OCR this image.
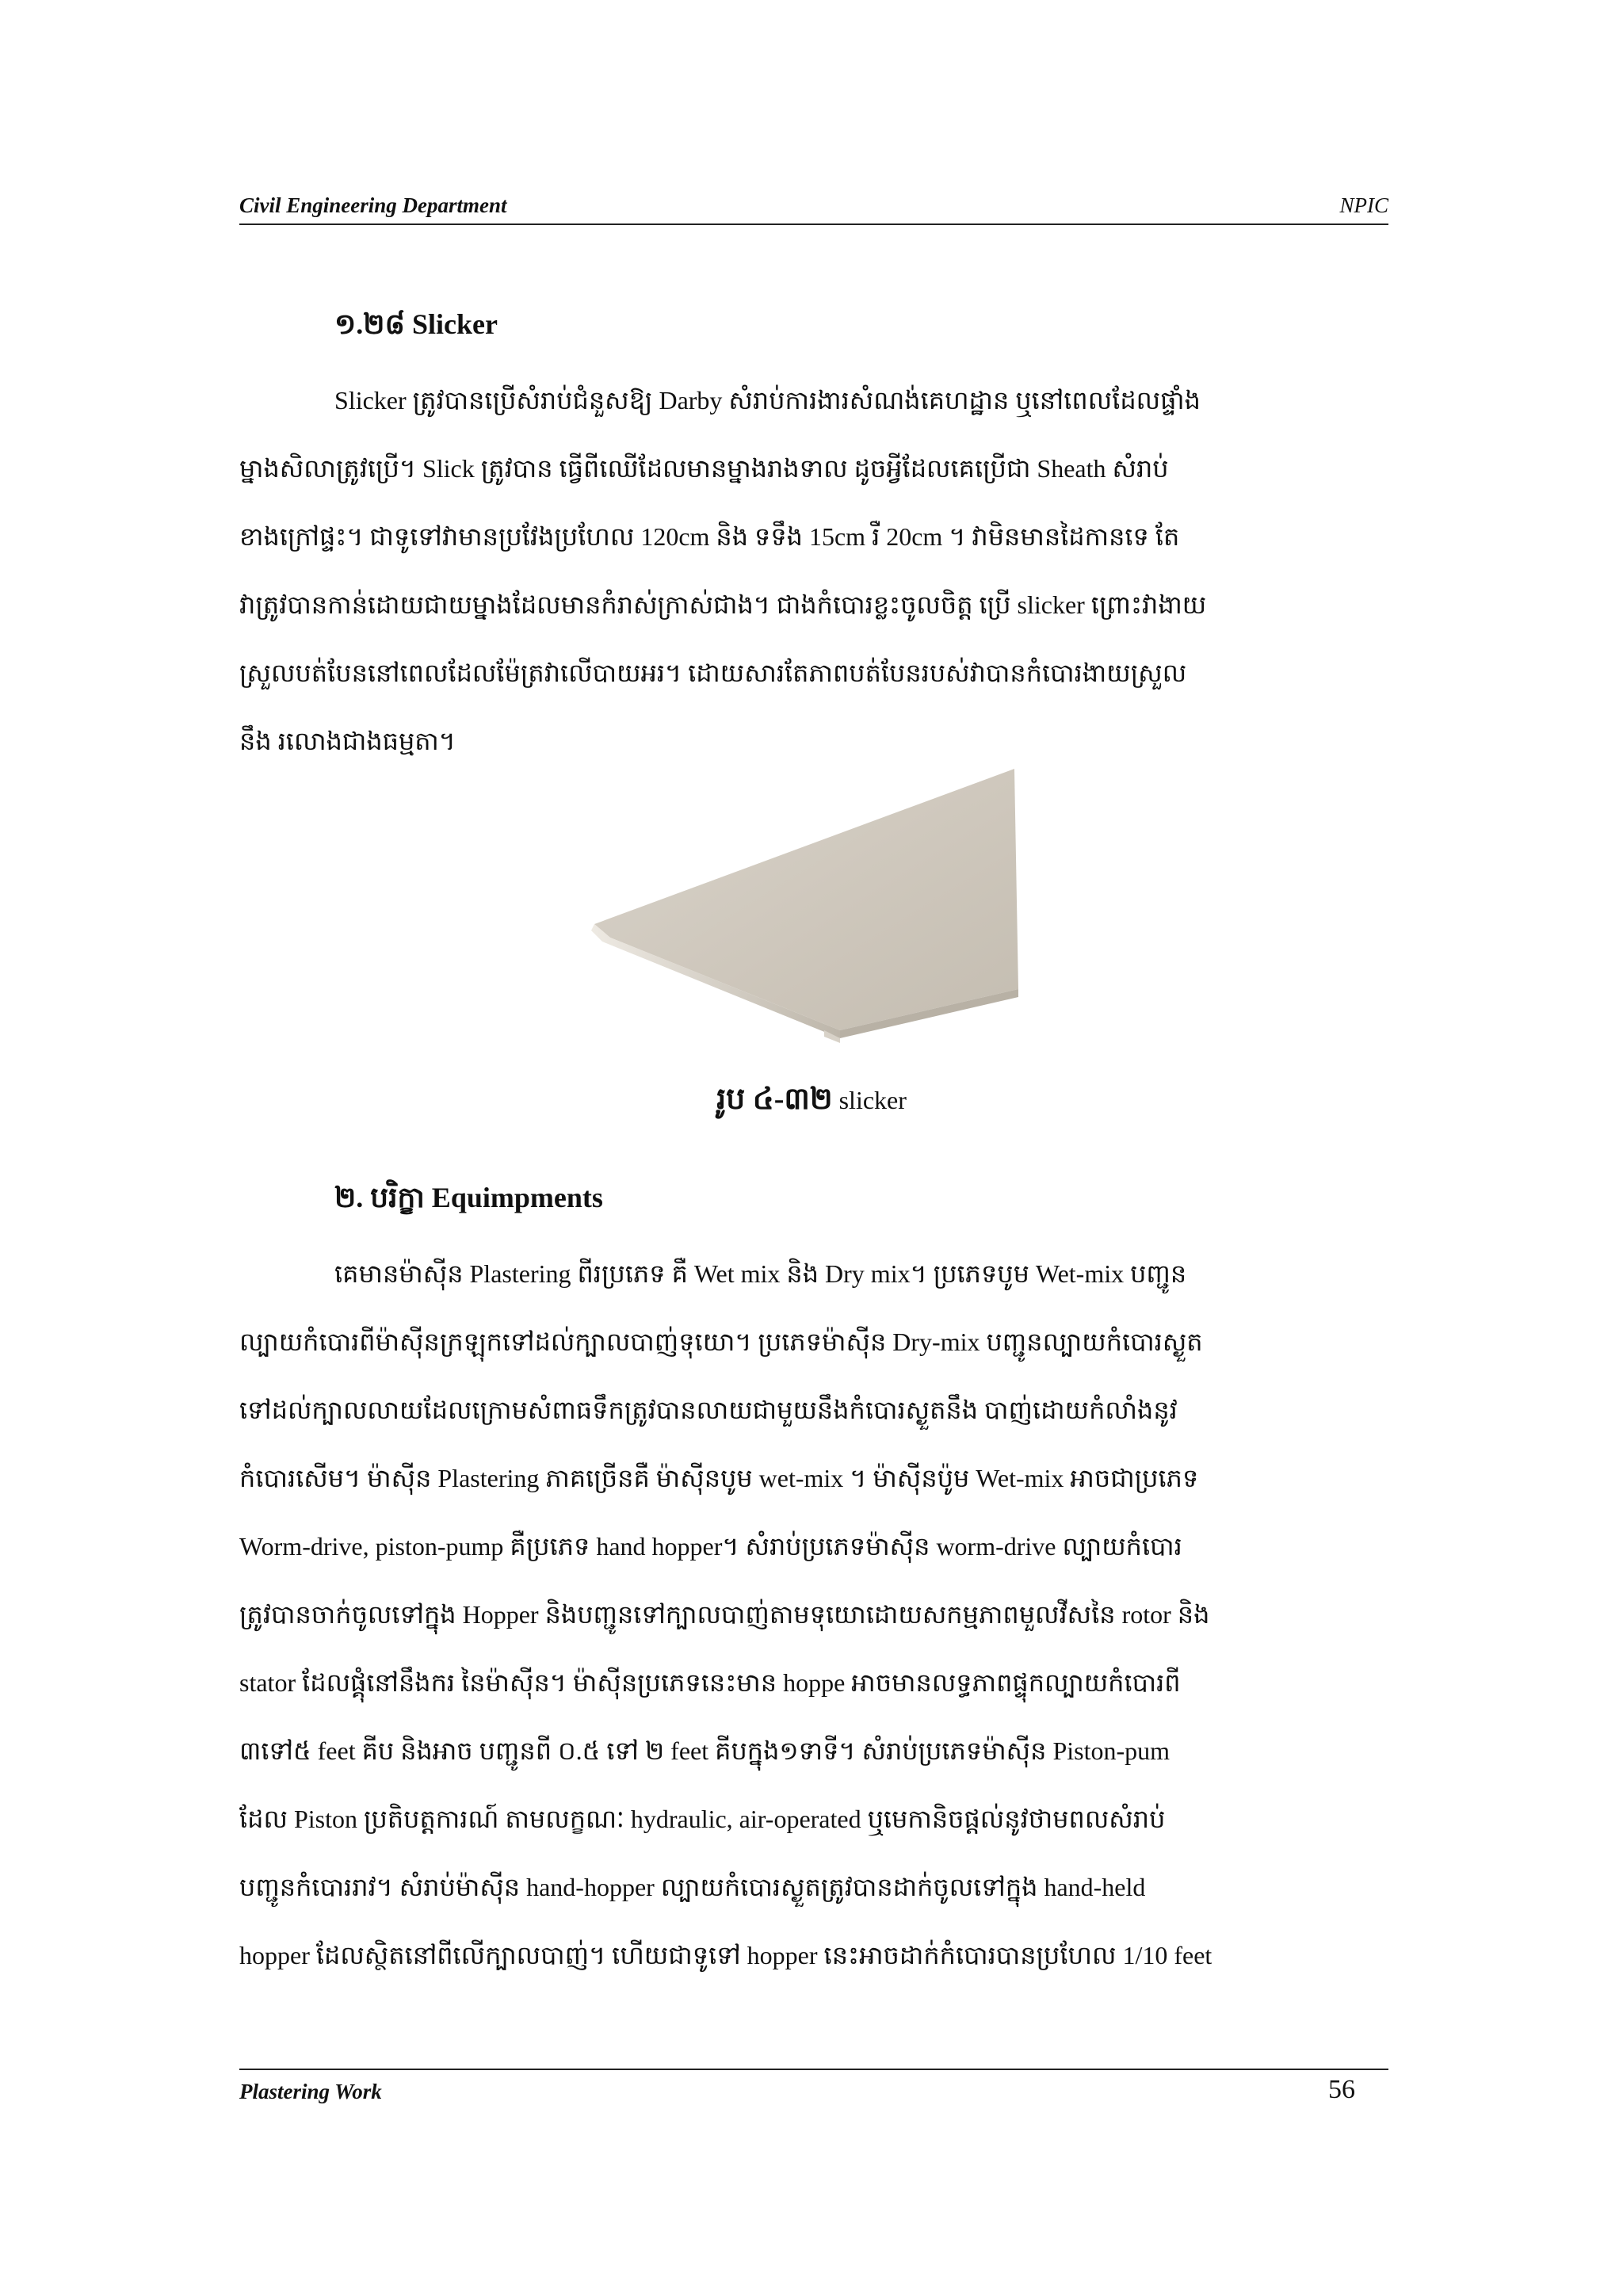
Civil Engineering Department	NPIC
១.២៨ Slicker
Slicker ត្រូវបានប្រើសំរាប់ជំនួសឱ្យ Darby សំរាប់ការងារសំណង់គេហដ្ឋាន ឬនៅពេលដែលផ្ទាំង
ម្នាងសិលាត្រូវប្រើ។ Slick ត្រូវបាន ធ្វើពីឈើដែលមានម្នាងរាងទាល ដូចអ្វីដែលគេប្រើជា Sheath សំរាប់
ខាងក្រៅផ្ទះ។ ជាទូទៅវាមានប្រវែងប្រហែល 120cm និង ទទឹង 15cm រឺ 20cm ។ វាមិនមានដៃកានទេ តែ
វាត្រូវបានកាន់ដោយជាយម្នាងដែលមានកំរាស់ក្រាស់ជាង។ ជាងកំបោរខ្លះចូលចិត្ត ប្រើ slicker ព្រោះវាងាយ
ស្រួលបត់បែននៅពេលដែលម៉ែត្រវាលើបាយអរ។ ដោយសារតែភាពបត់បែនរបស់វាបានកំបោរងាយស្រួល
នឹង រលោងជាងធម្មតា។
រូប ៤-៣២ slicker
២. បរិក្ខា Equimpments
គេមានម៉ាស៊ីន Plastering ពីរប្រភេទ គឺ Wet mix និង Dry mix។ ប្រភេទបូម Wet-mix បញ្ជូន
ល្បាយកំបោរពីម៉ាស៊ីនក្រឡុកទៅដល់ក្បាលបាញ់ទុយោ។ ប្រភេទម៉ាស៊ីន Dry-mix បញ្ជូនល្បាយកំបោរស្ងួត
ទៅដល់ក្បាលលាយដែលក្រោមសំពាធទឹកត្រូវបានលាយជាមួយនឹងកំបោរស្ងួតនឹង បាញ់ដោយកំលាំងនូវ
កំបោរសើម។ ម៉ាស៊ីន Plastering ភាគច្រើនគឺ ម៉ាស៊ីនបូម wet-mix ។ ម៉ាស៊ីនប៉ូម Wet-mix អាចជាប្រភេទ
Worm-drive, piston-pump គឺប្រភេទ hand hopper។ សំរាប់ប្រភេទម៉ាស៊ីន worm-drive ល្បាយកំបោរ
ត្រូវបានចាក់ចូលទៅក្នុង Hopper និងបញ្ជូនទៅក្បាលបាញ់តាមទុយោដោយសកម្មភាពមួលវីសនៃ rotor និង
stator ដែលផ្គុំនៅនឹងករ នៃម៉ាស៊ីន។ ម៉ាស៊ីនប្រភេទនេះមាន hoppe អាចមានលទ្ធភាពផ្ទុកល្បាយកំបោរពី
៣ទៅ៥ feet គីប និងអាច បញ្ជូនពី ០.៥ ទៅ ២ feet គីបក្នុង១ទាទី។ សំរាប់ប្រភេទម៉ាស៊ីន Piston-pum
ដែល Piston ប្រតិបត្តការណ៍ តាមលក្ខណៈ hydraulic, air-operated ឬមេកានិចផ្តល់នូវថាមពលសំរាប់
បញ្ជូនកំបោររាវ។ សំរាប់ម៉ាស៊ីន hand-hopper ល្បាយកំបោរស្ងួតត្រូវបានដាក់ចូលទៅក្នុង hand-held
hopper ដែលស្ថិតនៅពីលើក្បាលបាញ់។ ហើយជាទូទៅ hopper នេះអាចដាក់កំបោរបានប្រហែល 1/10 feet
Plastering Work	56
